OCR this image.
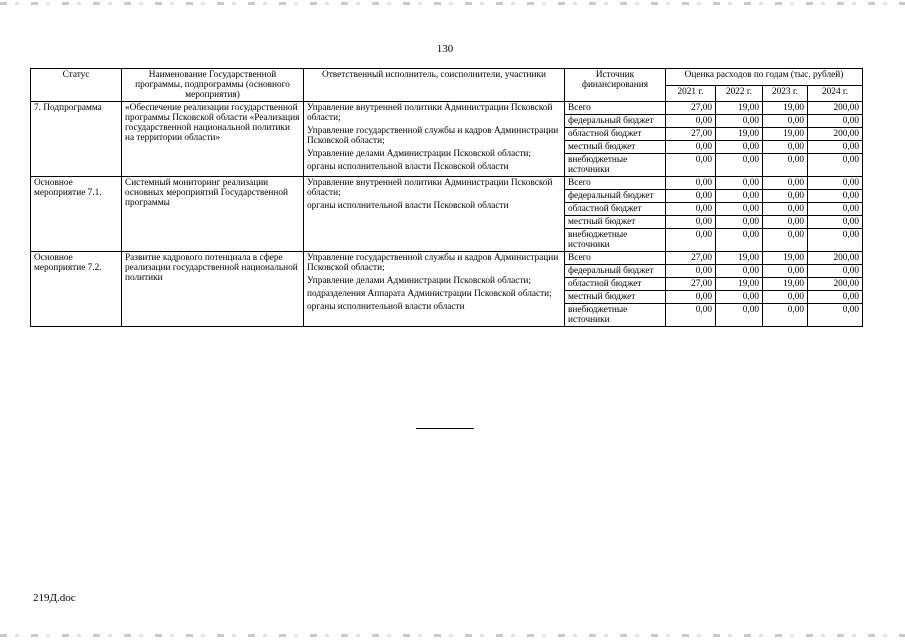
130
Статус	Наименование Государственной программы, подпрограммы (основного мероприятия)	Ответственный исполнитель, соисполнители, участники	Источник финансирования	Оценка расходов по годам (тыс. рублей)			
				2021 г.	2022 г.	2023 г.	2024 г.
7. Подпрограмма	«Обеспечение реализации государственной программы Псковской области «Реализация государственной национальной политики на территории области»	Управление внутренней политики Администрации Псковской области;
Управление государственной службы и кадров Администрации Псковской области;
Управление делами Администрации Псковской области;
органы исполнительной власти Псковской области	Всего	27,00	19,00	19,00	200,00
			федеральный бюджет	0,00	0,00	0,00	0,00
			областной бюджет	27,00	19,00	19,00	200,00
			местный бюджет	0,00	0,00	0,00	0,00
			внебюджетные источники	0,00	0,00	0,00	0,00
Основное мероприятие 7.1.	Системный мониторинг реализации основных мероприятий Государственной программы	Управление внутренней политики Администрации Псковской области;
органы исполнительной власти Псковской области	Всего	0,00	0,00	0,00	0,00
			федеральный бюджет	0,00	0,00	0,00	0,00
			областной бюджет	0,00	0,00	0,00	0,00
			местный бюджет	0,00	0,00	0,00	0,00
			внебюджетные источники	0,00	0,00	0,00	0,00
Основное мероприятие 7.2.	Развитие кадрового потенциала в сфере реализации государственной национальной политики	Управление государственной службы и кадров Администрации Псковской области;
Управление делами Администрации Псковской области;
подразделения Аппарата Администрации Псковской области;
органы исполнительной власти области	Всего	27,00	19,00	19,00	200,00
			федеральный бюджет	0,00	0,00	0,00	0,00
			областной бюджет	27,00	19,00	19,00	200,00
			местный бюджет	0,00	0,00	0,00	0,00
			внебюджетные источники	0,00	0,00	0,00	0,00
219Д.doc
